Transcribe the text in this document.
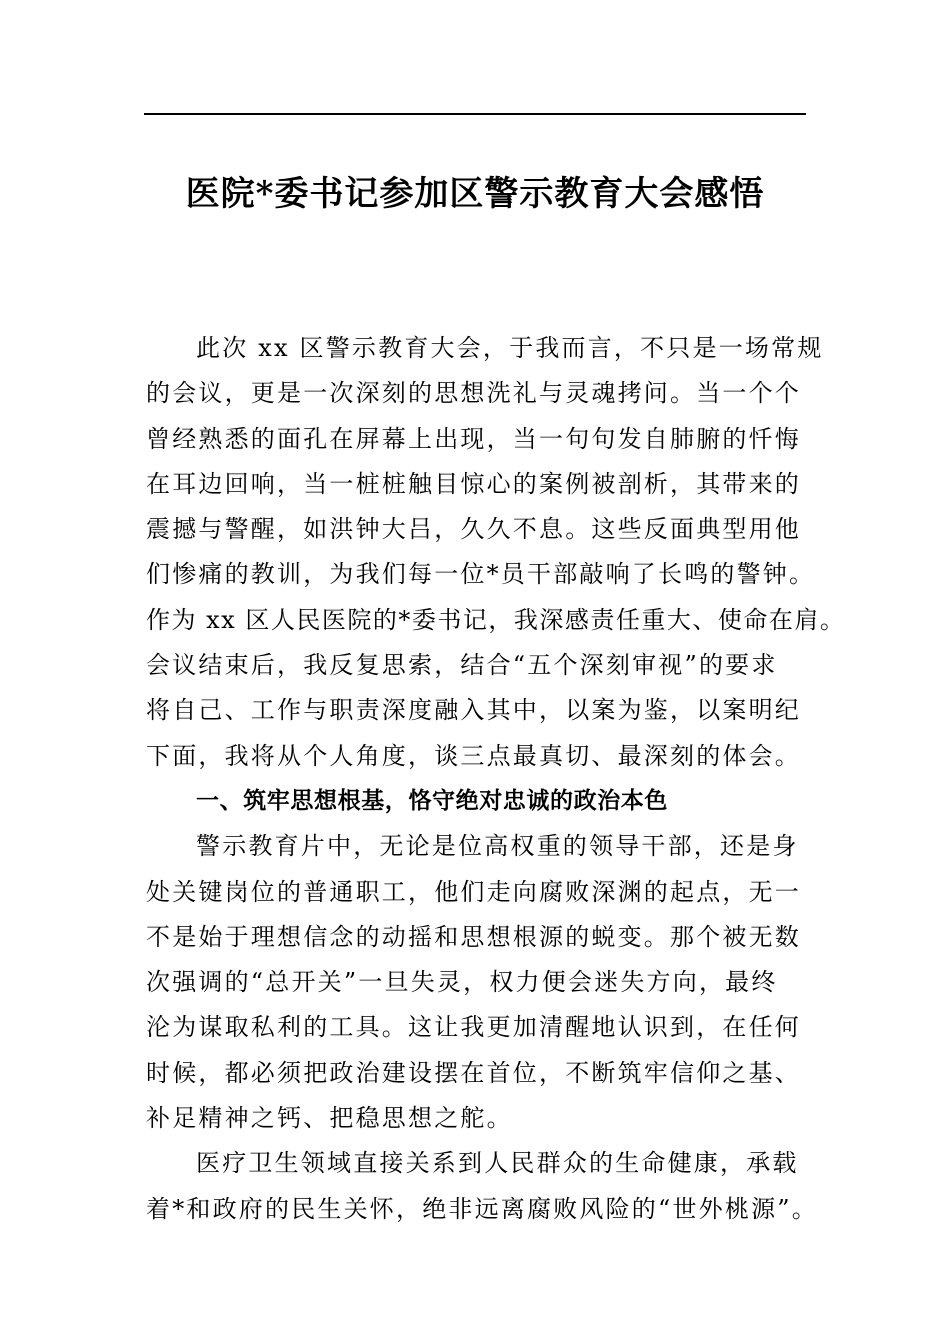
医院*委书记参加区警示教育大会感悟
此次 xx 区警示教育大会，于我而言，不只是一场常规
的会议，更是一次深刻的思想洗礼与灵魂拷问。当一个个
曾经熟悉的面孔在屏幕上出现，当一句句发自肺腑的忏悔
在耳边回响，当一桩桩触目惊心的案例被剖析，其带来的
震撼与警醒，如洪钟大吕，久久不息。这些反面典型用他
们惨痛的教训，为我们每一位*员干部敲响了长鸣的警钟。
作为 xx 区人民医院的*委书记，我深感责任重大、使命在肩。
会议结束后，我反复思索，结合“五个深刻审视”的要求
将自己、工作与职责深度融入其中，以案为鉴，以案明纪
下面，我将从个人角度，谈三点最真切、最深刻的体会。
一、筑牢思想根基，恪守绝对忠诚的政治本色
警示教育片中，无论是位高权重的领导干部，还是身
处关键岗位的普通职工，他们走向腐败深渊的起点，无一
不是始于理想信念的动摇和思想根源的蜕变。那个被无数
次强调的“总开关”一旦失灵，权力便会迷失方向，最终
沦为谋取私利的工具。这让我更加清醒地认识到，在任何
时候，都必须把政治建设摆在首位，不断筑牢信仰之基、
补足精神之钙、把稳思想之舵。
医疗卫生领域直接关系到人民群众的生命健康，承载
着*和政府的民生关怀，绝非远离腐败风险的“世外桃源”。
